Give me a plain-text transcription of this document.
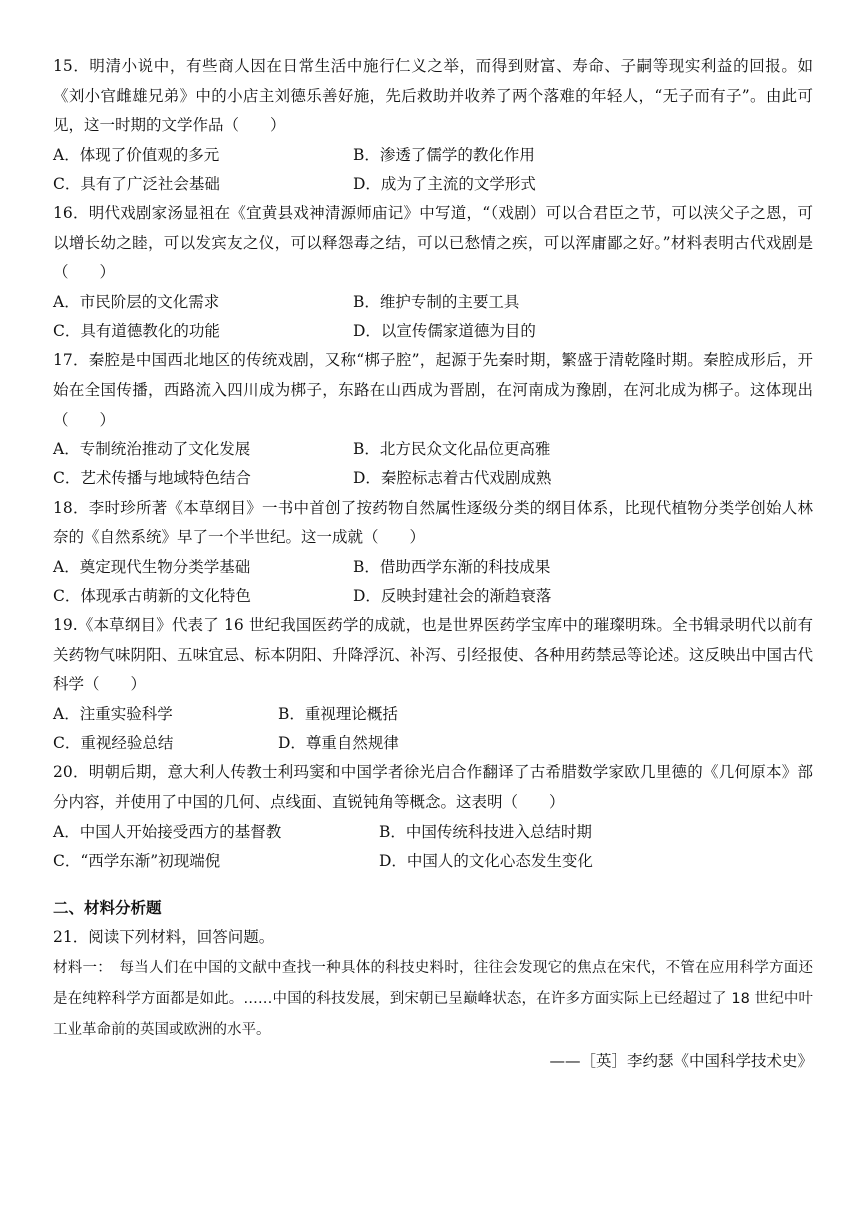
15．明清小说中，有些商人因在日常生活中施行仁义之举，而得到财富、寿命、子嗣等现实利益的回报。如《刘小官雌雄兄弟》中的小店主刘德乐善好施，先后救助并收养了两个落难的年轻人，“无子而有子”。由此可见，这一时期的文学作品（　　）

A．体现了价值观的多元	B．渗透了儒学的教化作用
C．具有了广泛社会基础	D．成为了主流的文学形式

16．明代戏剧家汤显祖在《宜黄县戏神清源师庙记》中写道，“（戏剧）可以合君臣之节，可以浃父子之恩，可以增长幼之睦，可以发宾友之仪，可以释怨毒之结，可以已愁情之疾，可以浑庸鄙之好。”材料表明古代戏剧是（　　）

A．市民阶层的文化需求	B．维护专制的主要工具
C．具有道德教化的功能	D．以宣传儒家道德为目的

17．秦腔是中国西北地区的传统戏剧，又称“梆子腔”，起源于先秦时期，繁盛于清乾隆时期。秦腔成形后，开始在全国传播，西路流入四川成为梆子，东路在山西成为晋剧，在河南成为豫剧，在河北成为梆子。这体现出（　　）

A．专制统治推动了文化发展	B．北方民众文化品位更高雅
C．艺术传播与地域特色结合	D．秦腔标志着古代戏剧成熟

18．李时珍所著《本草纲目》一书中首创了按药物自然属性逐级分类的纲目体系，比现代植物分类学创始人林奈的《自然系统》早了一个半世纪。这一成就（　　）

A．奠定现代生物分类学基础	B．借助西学东渐的科技成果
C．体现承古萌新的文化特色	D．反映封建社会的渐趋衰落

19.《本草纲目》代表了 16 世纪我国医药学的成就，也是世界医药学宝库中的璀璨明珠。全书辑录明代以前有关药物气味阴阳、五味宜忌、标本阴阳、升降浮沉、补泻、引经报使、各种用药禁忌等论述。这反映出中国古代科学（　　）

A．注重实验科学	B．重视理论概括
C．重视经验总结	D．尊重自然规律

20．明朝后期，意大利人传教士利玛窦和中国学者徐光启合作翻译了古希腊数学家欧几里德的《几何原本》部分内容，并使用了中国的几何、点线面、直锐钝角等概念。这表明（　　）

A．中国人开始接受西方的基督教	B．中国传统科技进入总结时期
C．“西学东渐”初现端倪	D．中国人的文化心态发生变化
二、材料分析题

21．阅读下列材料，回答问题。

材料一：　每当人们在中国的文献中查找一种具体的科技史料时，往往会发现它的焦点在宋代，不管在应用科学方面还是在纯粹科学方面都是如此。……中国的科技发展，到宋朝已呈巅峰状态，在许多方面实际上已经超过了 18 世纪中叶工业革命前的英国或欧洲的水平。

——［英］李约瑟《中国科学技术史》
